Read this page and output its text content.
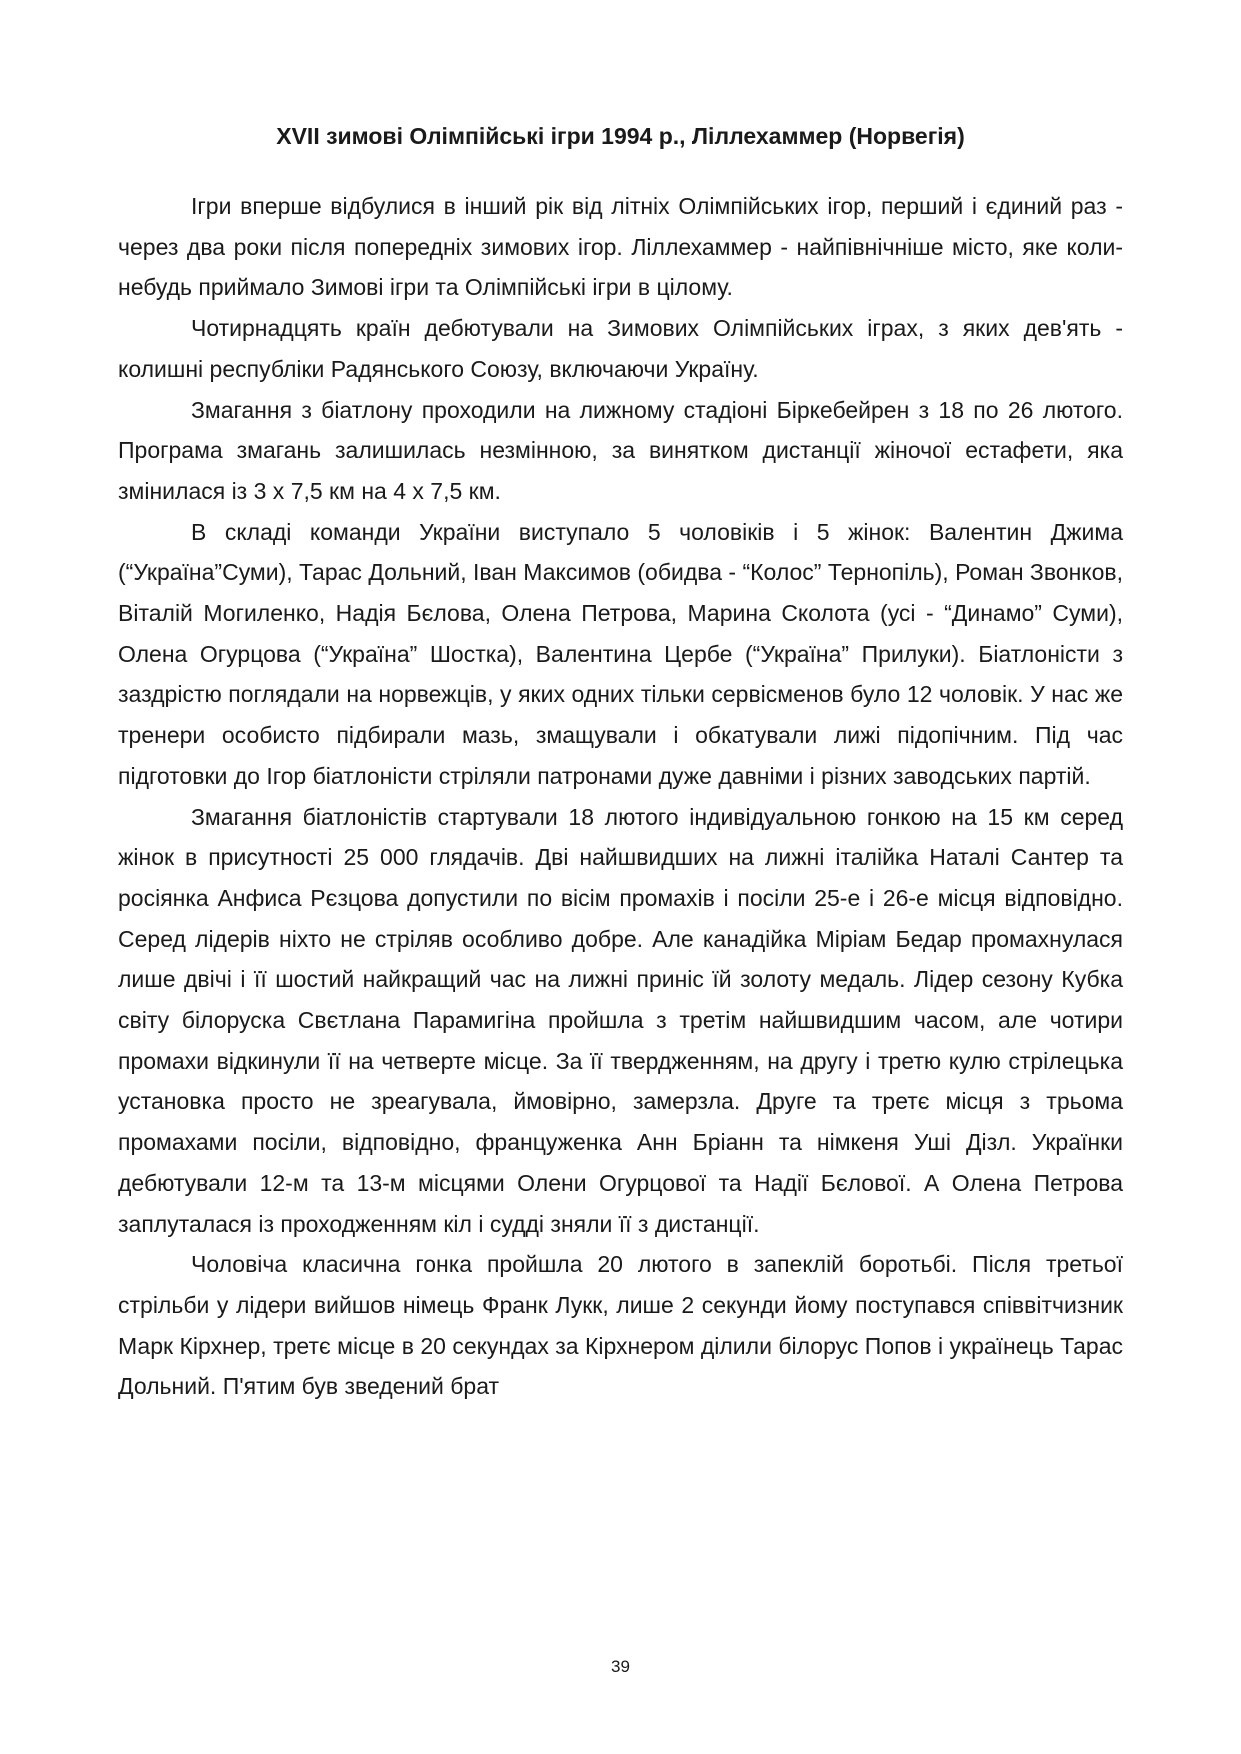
XVII зимові Олімпійські ігри 1994 р., Ліллехаммер (Норвегія)

Ігри вперше відбулися в інший рік від літніх Олімпійських ігор, перший і єдиний раз - через два роки після попередніх зимових ігор. Ліллехаммер - найпівнічніше місто, яке коли-небудь приймало Зимові ігри та Олімпійські ігри в цілому.

Чотирнадцять країн дебютували на Зимових Олімпійських іграх, з яких дев'ять - колишні республіки Радянського Союзу, включаючи Україну.

Змагання з біатлону проходили на лижному стадіоні Біркебейрен з 18 по 26 лютого. Програма змагань залишилась незмінною, за винятком дистанції жіночої естафети, яка змінилася із 3 х 7,5 км на 4 х 7,5 км.

В складі команди України виступало 5 чоловіків і 5 жінок: Валентин Джима (“Україна”Суми), Тарас Дольний, Іван Максимов (обидва - “Колос” Тернопіль), Роман Звонков, Віталій Могиленко, Надія Бєлова, Олена Петрова, Марина Сколота (усі - “Динамо” Суми), Олена Огурцова (“Україна” Шостка), Валентина Цербе (“Україна” Прилуки). Біатлоністи з заздрістю поглядали на норвежців, у яких одних тільки сервісменов було 12 чоловік. У нас же тренери особисто підбирали мазь, змащували і обкатували лижі підопічним. Під час підготовки до Ігор біатлоністи стріляли патронами дуже давніми і різних заводських партій.

Змагання біатлоністів стартували 18 лютого індивідуальною гонкою на 15 км серед жінок в присутності 25 000 глядачів. Дві найшвидших на лижні італійка Наталі Сантер та росіянка Анфиса Рєзцова допустили по вісім промахів і посіли 25-е і 26-е місця відповідно. Серед лідерів ніхто не стріляв особливо добре. Але канадійка Міріам Бедар промахнулася лише двічі і її шостий найкращий час на лижні приніс їй золоту медаль. Лідер сезону Кубка світу білоруска Свєтлана Парамигіна пройшла з третім найшвидшим часом, але чотири промахи відкинули її на четверте місце. За її твердженням, на другу і третю кулю стрілецька установка просто не зреагувала, ймовірно, замерзла. Друге та третє місця з трьома промахами посіли, відповідно, француженка Анн Бріанн та німкеня Уші Дізл. Українки дебютували 12-м та 13-м місцями Олени Огурцової та Надії Бєлової. А Олена Петрова заплуталася із проходженням кіл і судді зняли її з дистанції.

Чоловіча класична гонка пройшла 20 лютого в запеклій боротьбі. Після третьої стрільби у лідери вийшов німець Франк Лукк, лише 2 секунди йому поступався співвітчизник Марк Кірхнер, третє місце в 20 секундах за Кірхнером ділили білорус Попов і українець Тарас Дольний. П'ятим був зведений брат

39
